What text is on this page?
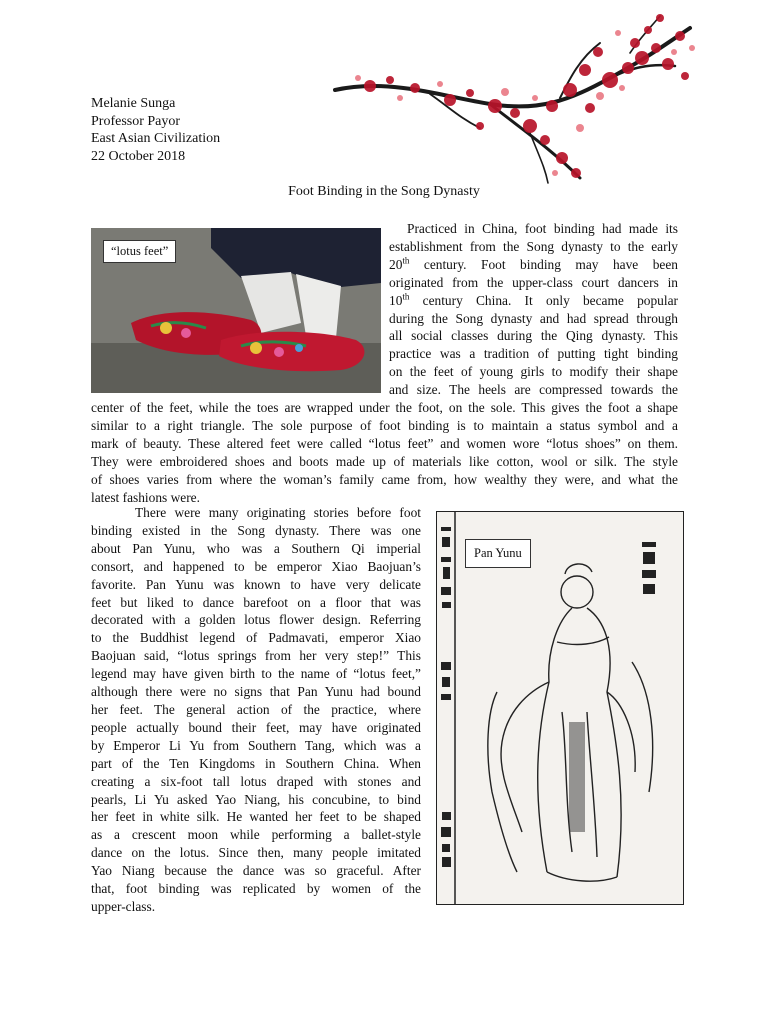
Melanie Sunga
Professor Payor
East Asian Civilization
22 October 2018
Foot Binding in the Song Dynasty
“lotus feet”
Practiced in China, foot binding had made its
establishment from the Song dynasty to the early
20th century. Foot binding may have been
originated from the upper-class court dancers in
10th century China. It only became popular
during the Song dynasty and had spread through
all social classes during the Qing dynasty. This
practice was a tradition of putting tight binding
on the feet of young girls to modify their shape
and size. The heels are compressed towards the
center of the feet, while the toes are wrapped under the foot, on the sole. This gives the foot a shape
similar to a right triangle. The sole purpose of foot binding is to maintain a status symbol and a
mark of beauty. These altered feet were called “lotus feet” and women wore “lotus shoes” on them.
They were embroidered shoes and boots made up of materials like cotton, wool or silk. The style
of shoes varies from where the woman’s family came from, how wealthy they were, and what the
latest fashions were.
There were many originating stories before foot
binding existed in the Song dynasty. There was one
about Pan Yunu, who was a Southern Qi imperial
consort, and happened to be emperor Xiao Baojuan’s
favorite. Pan Yunu was known to have very delicate
feet but liked to dance barefoot on a floor that was
decorated with a golden lotus flower design. Referring
to the Buddhist legend of Padmavati, emperor Xiao
Baojuan said, “lotus springs from her very step!” This
legend may have given birth to the name of “lotus feet,”
although there were no signs that Pan Yunu had bound
her feet. The general action of the practice, where
people actually bound their feet, may have originated
by Emperor Li Yu from Southern Tang, which was a
part of the Ten Kingdoms in Southern China. When
creating a six-foot tall lotus draped with stones and
pearls, Li Yu asked Yao Niang, his concubine, to bind
her feet in white silk. He wanted her feet to be shaped
as a crescent moon while performing a ballet-style
dance on the lotus. Since then, many people imitated
Yao Niang because the dance was so graceful. After
that, foot binding was replicated by women of the
upper-class.
Pan Yunu
